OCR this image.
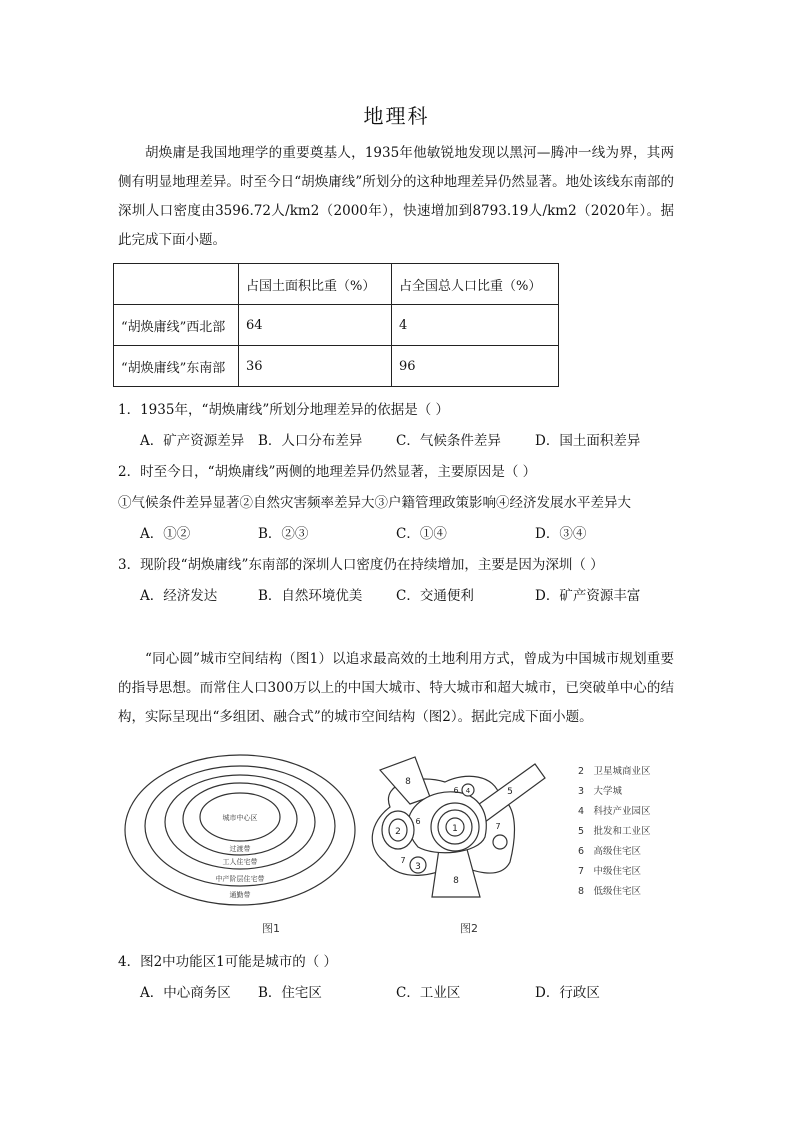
地理科
胡焕庸是我国地理学的重要奠基人，1935年他敏锐地发现以黑河—腾冲一线为界，其两侧有明显地理差异。时至今日“胡焕庸线”所划分的这种地理差异仍然显著。地处该线东南部的深圳人口密度由3596.72人/km2（2000年），快速增加到8793.19人/km2（2020年）。据此完成下面小题。
	占国土面积比重（%）	占全国总人口比重（%）
“胡焕庸线”西北部	64	4
“胡焕庸线”东南部	36	96
1．1935年，“胡焕庸线”所划分地理差异的依据是（ ）
A．矿产资源差异 B．人口分布差异 C．气候条件差异	D．国土面积差异
2．时至今日，“胡焕庸线”两侧的地理差异仍然显著，主要原因是（ ）
①气候条件差异显著②自然灾害频率差异大③户籍管理政策影响④经济发展水平差异大
A．①②	B．②③	C．①④	D．③④
3．现阶段“胡焕庸线”东南部的深圳人口密度仍在持续增加，主要是因为深圳（ ）
A．经济发达	B．自然环境优美 C．交通便利	D．矿产资源丰富
“同心圆”城市空间结构（图1）以追求最高效的土地利用方式，曾成为中国城市规划重要的指导思想。而常住人口300万以上的中国大城市、特大城市和超大城市，已突破单中心的结构，实际呈现出“多组团、融合式”的城市空间结构（图2）。据此完成下面小题。
城市中心区
过渡带
工人住宅带
中产阶层住宅带
通勤带
图1
1
2
3
4	5
6
6
7
7
8
8
图2
2　卫星城商业区
3　大学城
4　科技产业园区
5　批发和工业区
6　高级住宅区
7　中级住宅区
8　低级住宅区
4．图2中功能区1可能是城市的（ ）
A．中心商务区 B．住宅区	C．工业区	D．行政区
